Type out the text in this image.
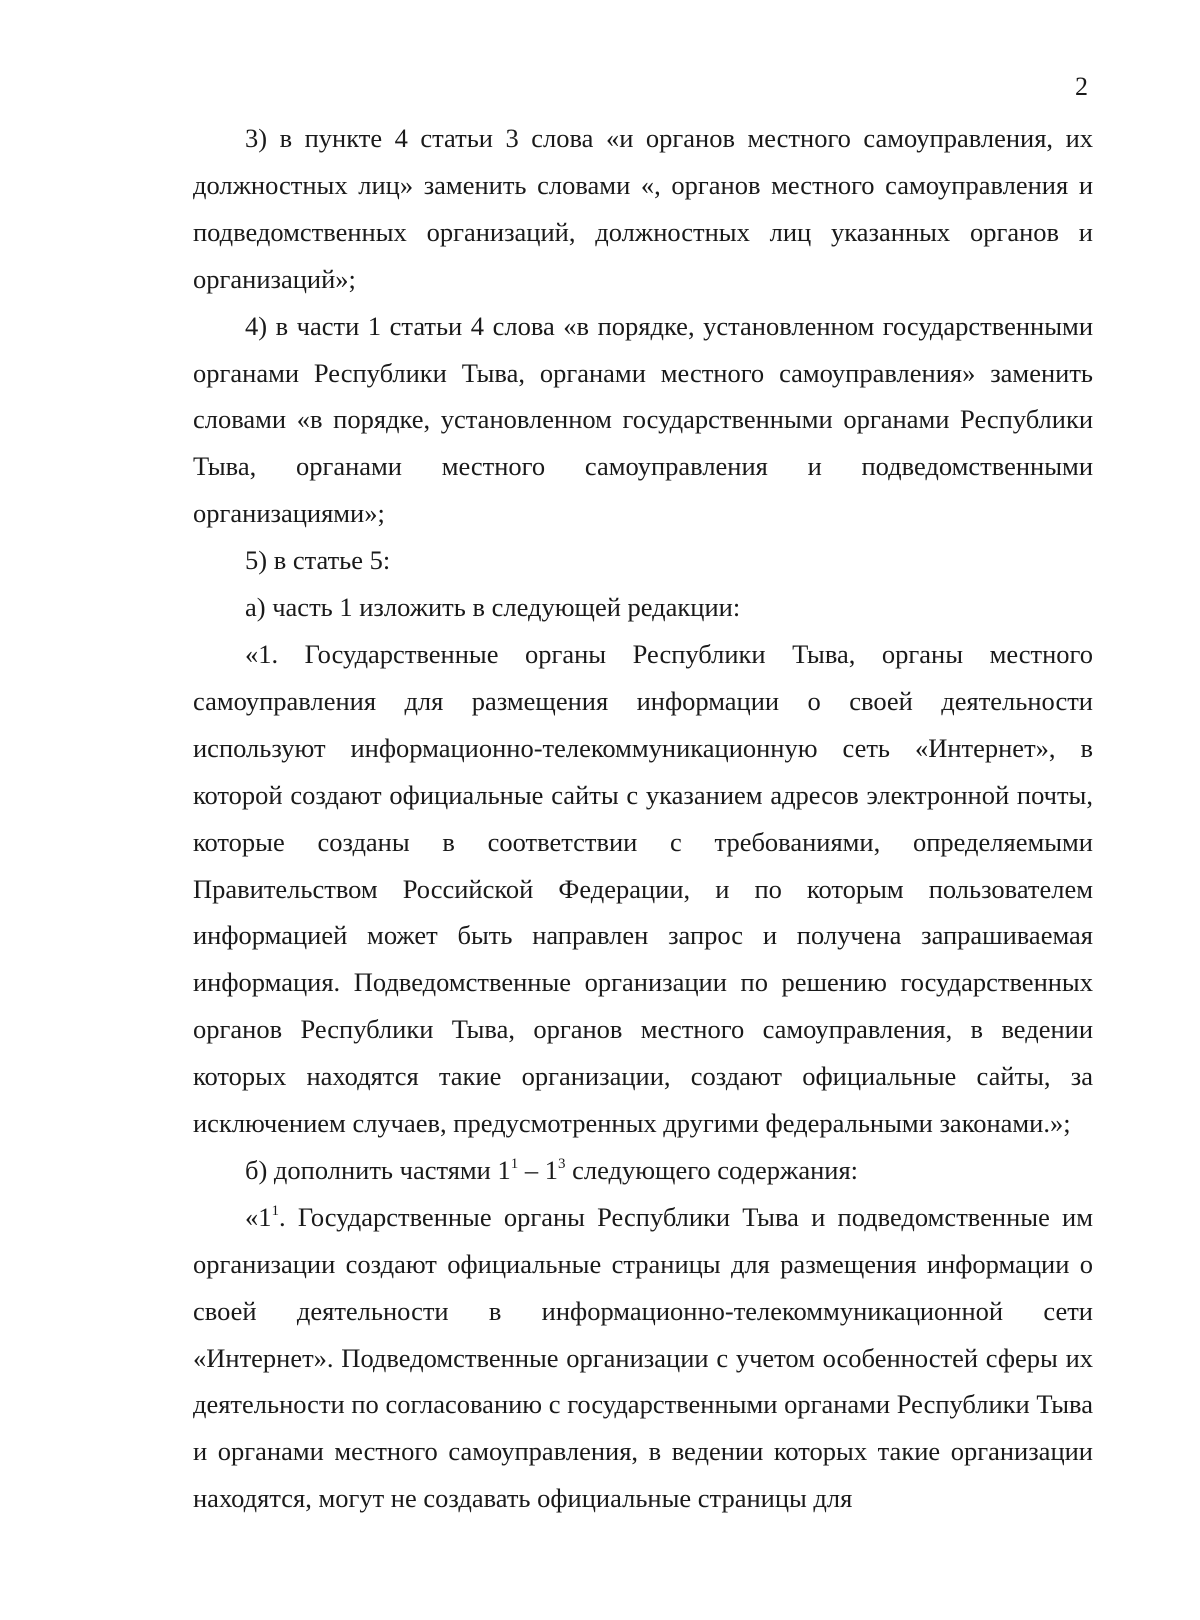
2

3) в пункте 4 статьи 3 слова «и органов местного самоуправления, их должностных лиц» заменить словами «, органов местного самоуправления и подведомственных организаций, должностных лиц указанных органов и организаций»;

4) в части 1 статьи 4 слова «в порядке, установленном государственными органами Республики Тыва, органами местного самоуправления» заменить словами «в порядке, установленном государственными органами Республики Тыва, органами местного самоуправления и подведомственными организациями»;

5) в статье 5:

а) часть 1 изложить в следующей редакции:

«1. Государственные органы Республики Тыва, органы местного самоуправления для размещения информации о своей деятельности используют информационно-телекоммуникационную сеть «Интернет», в которой создают официальные сайты с указанием адресов электронной почты, которые созданы в соответствии с требованиями, определяемыми Правительством Российской Федерации, и по которым пользователем информацией может быть направлен запрос и получена запрашиваемая информация. Подведомственные организации по решению государственных органов Республики Тыва, органов местного самоуправления, в ведении которых находятся такие организации, создают официальные сайты, за исключением случаев, предусмотренных другими федеральными законами.»;

б) дополнить частями $1^1 - 1^3$ следующего содержания:

«$1^1$. Государственные органы Республики Тыва и подведомственные им организации создают официальные страницы для размещения информации о своей деятельности в информационно-телекоммуникационной сети «Интернет». Подведомственные организации с учетом особенностей сферы их деятельности по согласованию с государственными органами Республики Тыва и органами местного самоуправления, в ведении которых такие организации находятся, могут не создавать официальные страницы для
